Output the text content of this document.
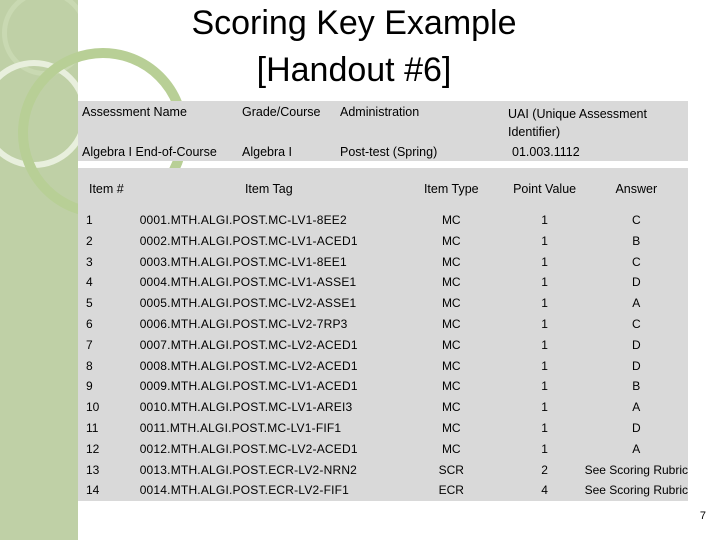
Scoring Key Example
[Handout #6]
Assessment Name	Grade/Course	Administration	UAI (Unique Assessment Identifier)
Algebra I End-of-Course	Algebra I	Post-test (Spring)	01.003.1112
Item #	Item Tag	Item Type	Point Value	Answer
1	0001.MTH.ALGI.POST.MC-LV1-8EE2	MC	1	C
2	0002.MTH.ALGI.POST.MC-LV1-ACED1	MC	1	B
3	0003.MTH.ALGI.POST.MC-LV1-8EE1	MC	1	C
4	0004.MTH.ALGI.POST.MC-LV1-ASSE1	MC	1	D
5	0005.MTH.ALGI.POST.MC-LV2-ASSE1	MC	1	A
6	0006.MTH.ALGI.POST.MC-LV2-7RP3	MC	1	C
7	0007.MTH.ALGI.POST.MC-LV2-ACED1	MC	1	D
8	0008.MTH.ALGI.POST.MC-LV2-ACED1	MC	1	D
9	0009.MTH.ALGI.POST.MC-LV1-ACED1	MC	1	B
10	0010.MTH.ALGI.POST.MC-LV1-AREI3	MC	1	A
11	0011.MTH.ALGI.POST.MC-LV1-FIF1	MC	1	D
12	0012.MTH.ALGI.POST.MC-LV2-ACED1	MC	1	A
13	0013.MTH.ALGI.POST.ECR-LV2-NRN2	SCR	2	See Scoring Rubric
14	0014.MTH.ALGI.POST.ECR-LV2-FIF1	ECR	4	See Scoring Rubric
7
